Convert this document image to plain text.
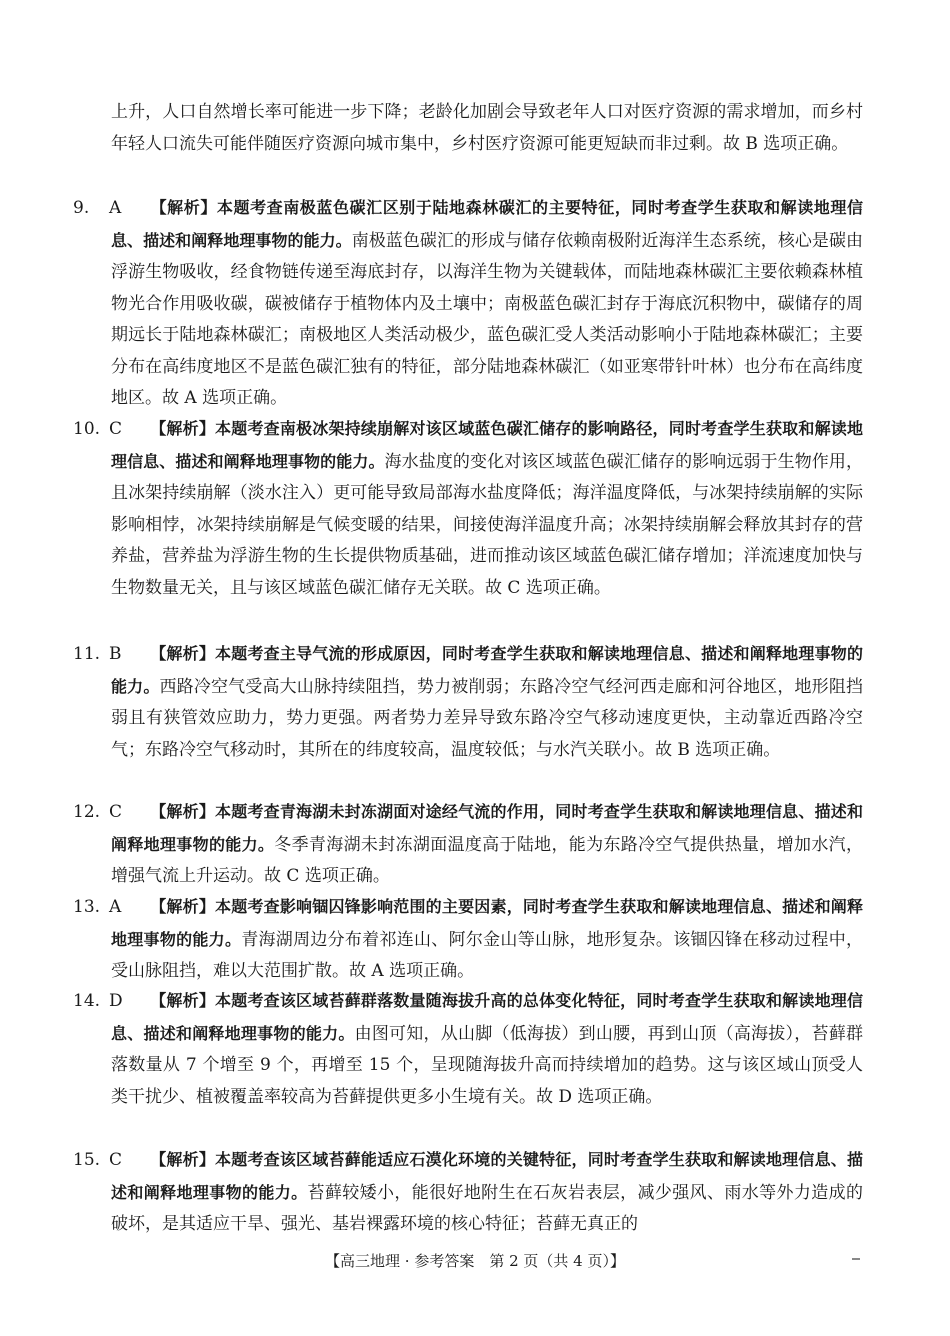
上升，人口自然增长率可能进一步下降；老龄化加剧会导致老年人口对医疗资源的需求增加，而乡村年轻人口流失可能伴随医疗资源向城市集中，乡村医疗资源可能更短缺而非过剩。故 B 选项正确。
9. A 【解析】本题考查南极蓝色碳汇区别于陆地森林碳汇的主要特征，同时考查学生获取和解读地理信息、描述和阐释地理事物的能力。南极蓝色碳汇的形成与储存依赖南极附近海洋生态系统，核心是碳由浮游生物吸收，经食物链传递至海底封存，以海洋生物为关键载体，而陆地森林碳汇主要依赖森林植物光合作用吸收碳，碳被储存于植物体内及土壤中；南极蓝色碳汇封存于海底沉积物中，碳储存的周期远长于陆地森林碳汇；南极地区人类活动极少，蓝色碳汇受人类活动影响小于陆地森林碳汇；主要分布在高纬度地区不是蓝色碳汇独有的特征，部分陆地森林碳汇（如亚寒带针叶林）也分布在高纬度地区。故 A 选项正确。
10. C 【解析】本题考查南极冰架持续崩解对该区域蓝色碳汇储存的影响路径，同时考查学生获取和解读地理信息、描述和阐释地理事物的能力。海水盐度的变化对该区域蓝色碳汇储存的影响远弱于生物作用，且冰架持续崩解（淡水注入）更可能导致局部海水盐度降低；海洋温度降低，与冰架持续崩解的实际影响相悖，冰架持续崩解是气候变暖的结果，间接使海洋温度升高；冰架持续崩解会释放其封存的营养盐，营养盐为浮游生物的生长提供物质基础，进而推动该区域蓝色碳汇储存增加；洋流速度加快与生物数量无关，且与该区域蓝色碳汇储存无关联。故 C 选项正确。
11. B 【解析】本题考查主导气流的形成原因，同时考查学生获取和解读地理信息、描述和阐释地理事物的能力。西路冷空气受高大山脉持续阻挡，势力被削弱；东路冷空气经河西走廊和河谷地区，地形阻挡弱且有狭管效应助力，势力更强。两者势力差异导致东路冷空气移动速度更快，主动靠近西路冷空气；东路冷空气移动时，其所在的纬度较高，温度较低；与水汽关联小。故 B 选项正确。
12. C 【解析】本题考查青海湖未封冻湖面对途经气流的作用，同时考查学生获取和解读地理信息、描述和阐释地理事物的能力。冬季青海湖未封冻湖面温度高于陆地，能为东路冷空气提供热量，增加水汽，增强气流上升运动。故 C 选项正确。
13. A 【解析】本题考查影响锢囚锋影响范围的主要因素，同时考查学生获取和解读地理信息、描述和阐释地理事物的能力。青海湖周边分布着祁连山、阿尔金山等山脉，地形复杂。该锢囚锋在移动过程中，受山脉阻挡，难以大范围扩散。故 A 选项正确。
14. D 【解析】本题考查该区域苔藓群落数量随海拔升高的总体变化特征，同时考查学生获取和解读地理信息、描述和阐释地理事物的能力。由图可知，从山脚（低海拔）到山腰，再到山顶（高海拔），苔藓群落数量从 7 个增至 9 个，再增至 15 个，呈现随海拔升高而持续增加的趋势。这与该区域山顶受人类干扰少、植被覆盖率较高为苔藓提供更多小生境有关。故 D 选项正确。
15. C 【解析】本题考查该区域苔藓能适应石漠化环境的关键特征，同时考查学生获取和解读地理信息、描述和阐释地理事物的能力。苔藓较矮小，能很好地附生在石灰岩表层，减少强风、雨水等外力造成的破坏，是其适应干旱、强光、基岩裸露环境的核心特征；苔藓无真正的
【高三地理 · 参考答案　第 2 页（共 4 页）】
